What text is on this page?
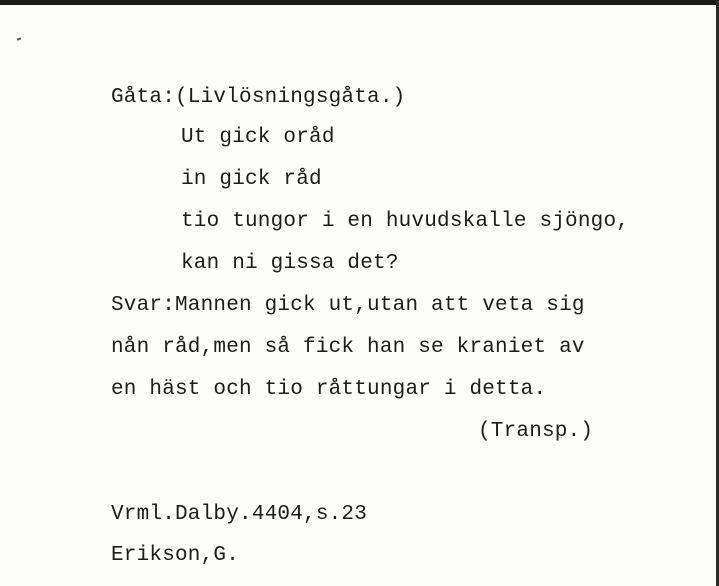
Gåta:(Livlösningsgåta.)
Ut gick oråd
in gick råd
tio tungor i en huvudskalle sjöngo,
kan ni gissa det?
Svar:Mannen gick ut,utan att veta sig
nån råd,men så fick han se kraniet av
en häst och tio råttungar i detta.
(Transp.)
Vrml.Dalby.4404,s.23
Erikson,G.
